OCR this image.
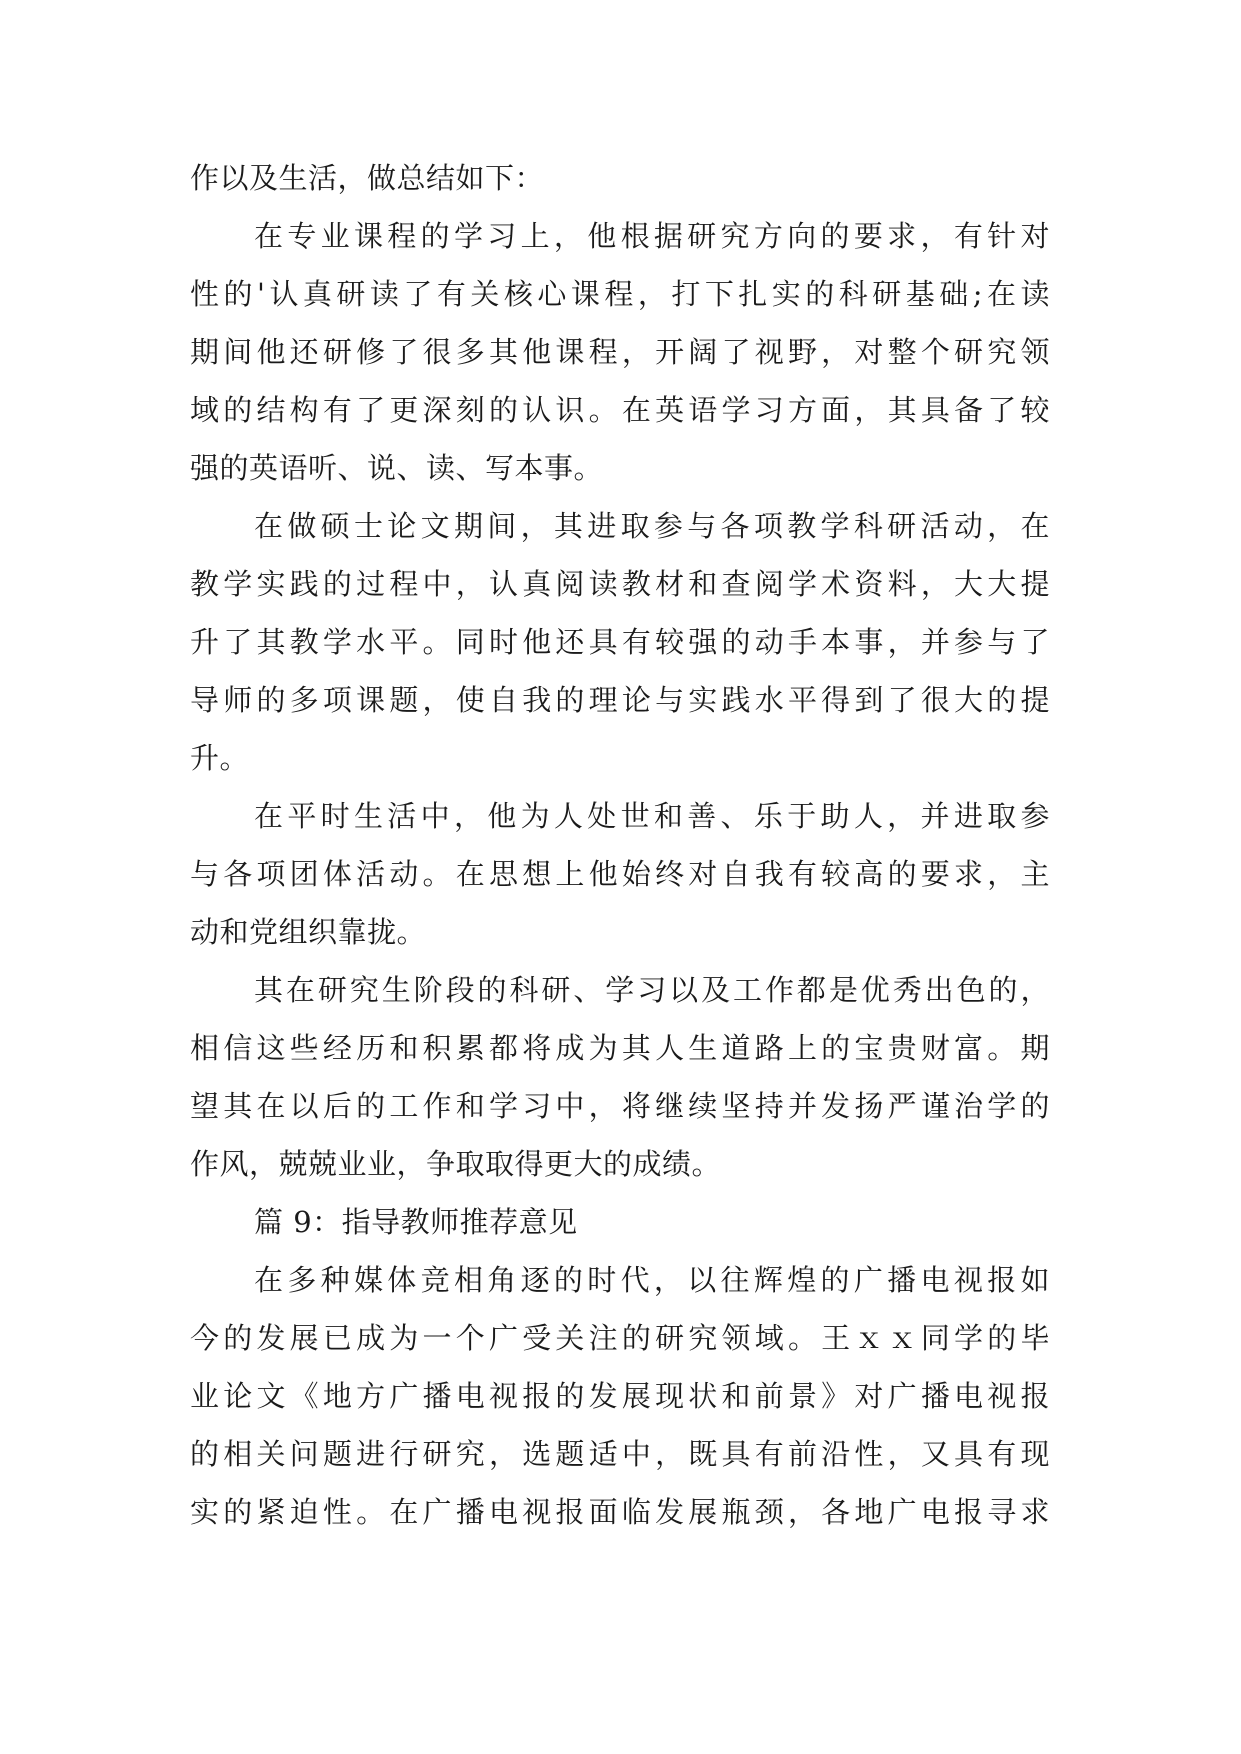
作以及生活，做总结如下：
在专业课程的学习上，他根据研究方向的要求，有针对
性的'认真研读了有关核心课程，打下扎实的科研基础;在读
期间他还研修了很多其他课程，开阔了视野，对整个研究领
域的结构有了更深刻的认识。在英语学习方面，其具备了较
强的英语听、说、读、写本事。
在做硕士论文期间，其进取参与各项教学科研活动，在
教学实践的过程中，认真阅读教材和查阅学术资料，大大提
升了其教学水平。同时他还具有较强的动手本事，并参与了
导师的多项课题，使自我的理论与实践水平得到了很大的提
升。
在平时生活中，他为人处世和善、乐于助人，并进取参
与各项团体活动。在思想上他始终对自我有较高的要求，主
动和党组织靠拢。
其在研究生阶段的科研、学习以及工作都是优秀出色的，
相信这些经历和积累都将成为其人生道路上的宝贵财富。期
望其在以后的工作和学习中，将继续坚持并发扬严谨治学的
作风，兢兢业业，争取取得更大的成绩。
篇 9：指导教师推荐意见
在多种媒体竞相角逐的时代，以往辉煌的广播电视报如
今的发展已成为一个广受关注的研究领域。王ｘｘ同学的毕
业论文《地方广播电视报的发展现状和前景》对广播电视报
的相关问题进行研究，选题适中，既具有前沿性，又具有现
实的紧迫性。在广播电视报面临发展瓶颈，各地广电报寻求
